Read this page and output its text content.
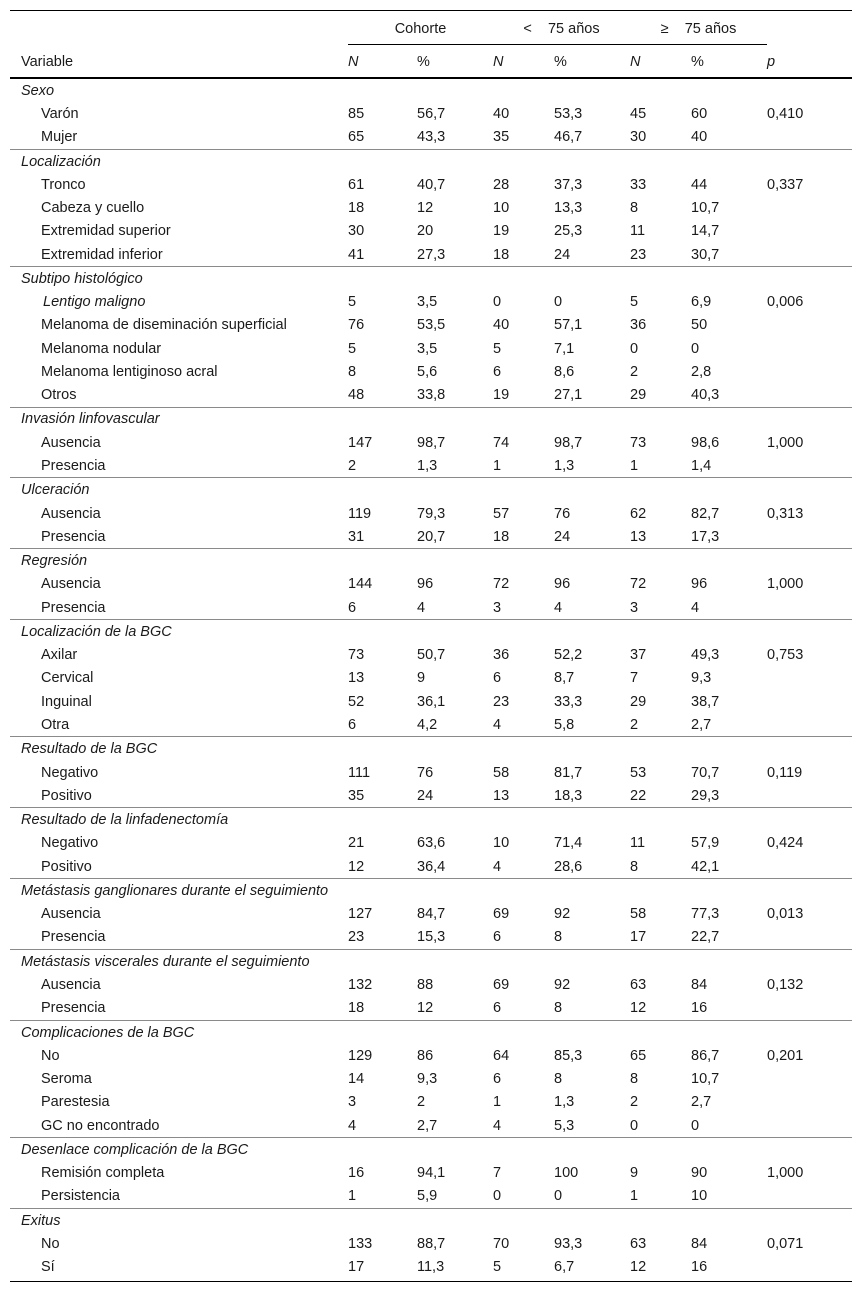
	Cohorte		<    75 años		≥    75 años		

Variable	N	%	N	%	N	%	p
Sexo							
Varón	85	56,7	40	53,3	45	60	0,410
Mujer	65	43,3	35	46,7	30	40	
Localización							
Tronco	61	40,7	28	37,3	33	44	0,337
Cabeza y cuello	18	12	10	13,3	8	10,7	
Extremidad superior	30	20	19	25,3	11	14,7	
Extremidad inferior	41	27,3	18	24	23	30,7	
Subtipo histológico							
Lentigo maligno	5	3,5	0	0	5	6,9	0,006
Melanoma de diseminación superficial	76	53,5	40	57,1	36	50	
Melanoma nodular	5	3,5	5	7,1	0	0	
Melanoma lentiginoso acral	8	5,6	6	8,6	2	2,8	
Otros	48	33,8	19	27,1	29	40,3	
Invasión linfovascular							
Ausencia	147	98,7	74	98,7	73	98,6	1,000
Presencia	2	1,3	1	1,3	1	1,4	
Ulceración							
Ausencia	119	79,3	57	76	62	82,7	0,313
Presencia	31	20,7	18	24	13	17,3	
Regresión							
Ausencia	144	96	72	96	72	96	1,000
Presencia	6	4	3	4	3	4	
Localización de la BGC							
Axilar	73	50,7	36	52,2	37	49,3	0,753
Cervical	13	9	6	8,7	7	9,3	
Inguinal	52	36,1	23	33,3	29	38,7	
Otra	6	4,2	4	5,8	2	2,7	
Resultado de la BGC							
Negativo	111	76	58	81,7	53	70,7	0,119
Positivo	35	24	13	18,3	22	29,3	
Resultado de la linfadenectomía							
Negativo	21	63,6	10	71,4	11	57,9	0,424
Positivo	12	36,4	4	28,6	8	42,1	
Metástasis ganglionares durante el seguimiento							
Ausencia	127	84,7	69	92	58	77,3	0,013
Presencia	23	15,3	6	8	17	22,7	
Metástasis viscerales durante el seguimiento							
Ausencia	132	88	69	92	63	84	0,132
Presencia	18	12	6	8	12	16	
Complicaciones de la BGC							
No	129	86	64	85,3	65	86,7	0,201
Seroma	14	9,3	6	8	8	10,7	
Parestesia	3	2	1	1,3	2	2,7	
GC no encontrado	4	2,7	4	5,3	0	0	
Desenlace complicación de la BGC							
Remisión completa	16	94,1	7	100	9	90	1,000
Persistencia	1	5,9	0	0	1	10	
Exitus							
No	133	88,7	70	93,3	63	84	0,071
Sí	17	11,3	5	6,7	12	16	
